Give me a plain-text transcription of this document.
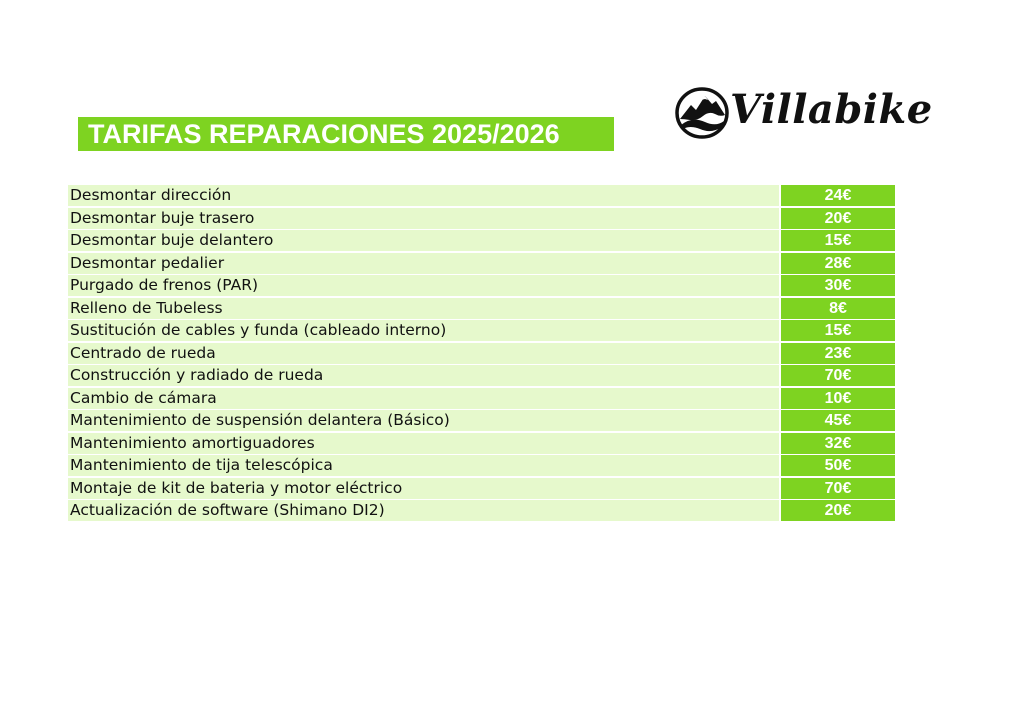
TARIFAS REPARACIONES 2025/2026
Villabike
Desmontar dirección	24€
Desmontar buje trasero	20€
Desmontar buje delantero	15€
Desmontar pedalier	28€
Purgado de frenos (PAR)	30€
Relleno de Tubeless	8€
Sustitución de cables y funda (cableado interno)	15€
Centrado de rueda	23€
Construcción y radiado de rueda	70€
Cambio de cámara	10€
Mantenimiento de suspensión delantera (Básico)	45€
Mantenimiento amortiguadores	32€
Mantenimiento de tija telescópica	50€
Montaje de kit de bateria y motor eléctrico	70€
Actualización de software (Shimano DI2)	20€
